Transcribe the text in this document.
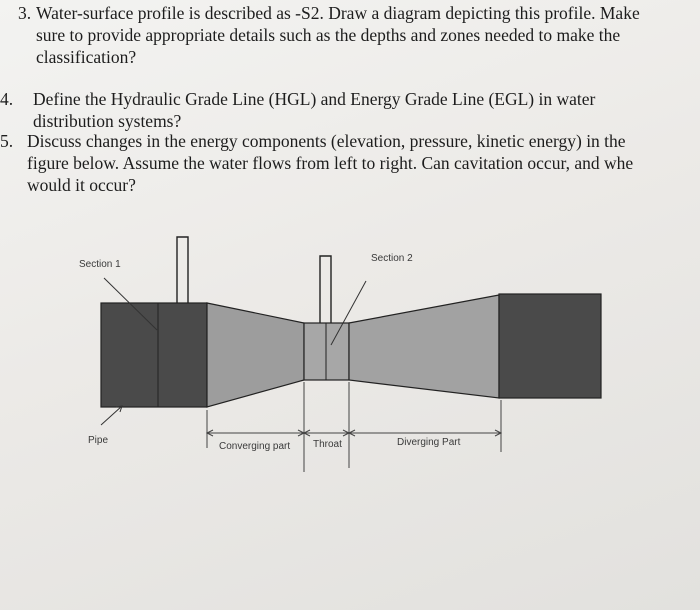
3. Water-surface profile is described as -S2. Draw a diagram depicting this profile. Make
sure to provide appropriate details such as the depths and zones needed to make the
classification?
4. Define the Hydraulic Grade Line (HGL) and Energy Grade Line (EGL) in water
distribution systems?
5. Discuss changes in the energy components (elevation, pressure, kinetic energy) in the
figure below. Assume the water flows from left to right. Can cavitation occur, and whe
would it occur?
Section 1
Section 2
Pipe
Converging part Throat	Diverging Part
